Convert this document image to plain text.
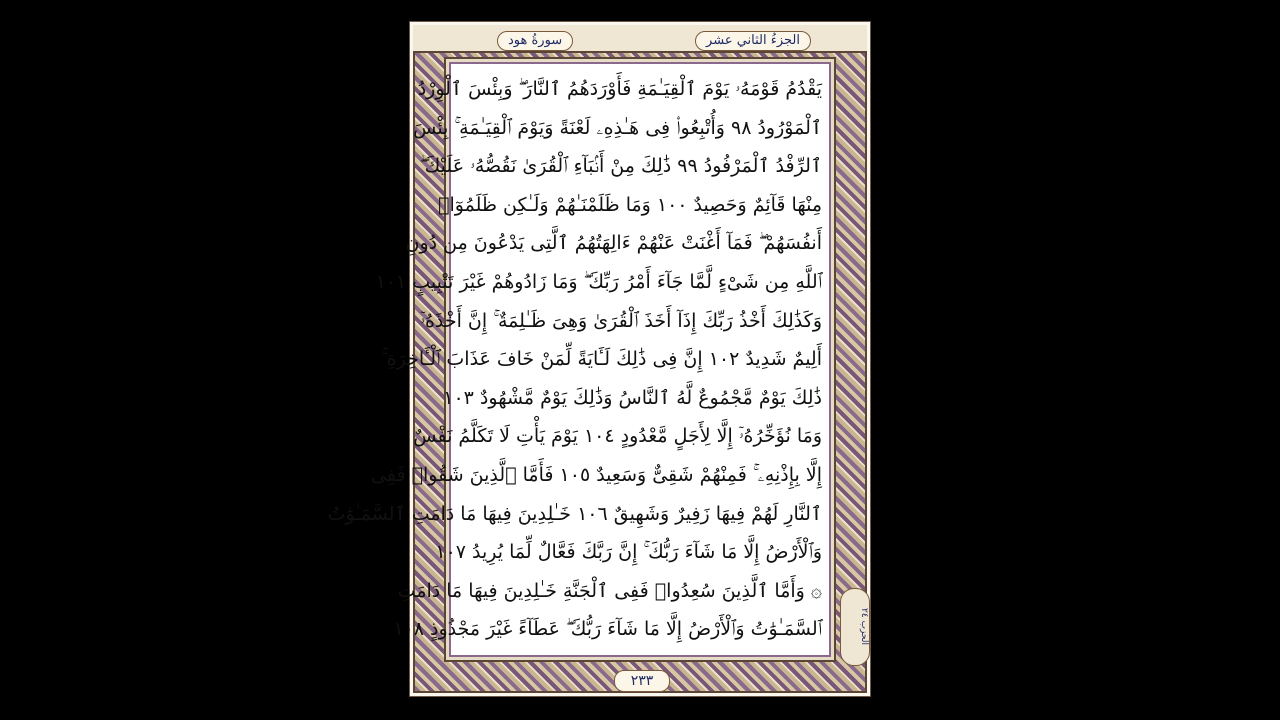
الجزءُ الثاني عشر
سورةُ هود
يَقْدُمُ قَوْمَهُۥ يَوْمَ ٱلْقِيَـٰمَةِ فَأَوْرَدَهُمُ ٱلنَّارَ ۖ وَبِئْسَ ٱلْوِرْدُ
ٱلْمَوْرُودُ ٩٨ وَأُتْبِعُوا۟ فِى هَـٰذِهِۦ لَعْنَةً وَيَوْمَ ٱلْقِيَـٰمَةِ ۚ بِئْسَ
ٱلرِّفْدُ ٱلْمَرْفُودُ ٩٩ ذَٰلِكَ مِنْ أَنۢبَآءِ ٱلْقُرَىٰ نَقُصُّهُۥ عَلَيْكَ ۖ
مِنْهَا قَآئِمٌ وَحَصِيدٌ ١٠٠ وَمَا ظَلَمْنَـٰهُمْ وَلَـٰكِن ظَلَمُوٓا۟
أَنفُسَهُمْ ۖ فَمَآ أَغْنَتْ عَنْهُمْ ءَالِهَتُهُمُ ٱلَّتِى يَدْعُونَ مِن دُونِ
ٱللَّهِ مِن شَىْءٍ لَّمَّا جَآءَ أَمْرُ رَبِّكَ ۖ وَمَا زَادُوهُمْ غَيْرَ تَتْبِيبٍ ١٠١
وَكَذَٰلِكَ أَخْذُ رَبِّكَ إِذَآ أَخَذَ ٱلْقُرَىٰ وَهِىَ ظَـٰلِمَةٌ ۚ إِنَّ أَخْذَهُۥٓ
أَلِيمٌ شَدِيدٌ ١٠٢ إِنَّ فِى ذَٰلِكَ لَـَٔايَةً لِّمَنْ خَافَ عَذَابَ ٱلْـَٔاخِرَةِ ۚ
ذَٰلِكَ يَوْمٌ مَّجْمُوعٌ لَّهُ ٱلنَّاسُ وَذَٰلِكَ يَوْمٌ مَّشْهُودٌ ١٠٣
وَمَا نُؤَخِّرُهُۥٓ إِلَّا لِأَجَلٍ مَّعْدُودٍ ١٠٤ يَوْمَ يَأْتِ لَا تَكَلَّمُ نَفْسٌ
إِلَّا بِإِذْنِهِۦ ۚ فَمِنْهُمْ شَقِىٌّ وَسَعِيدٌ ١٠٥ فَأَمَّا ٱلَّذِينَ شَقُوا۟ فَفِى
ٱلنَّارِ لَهُمْ فِيهَا زَفِيرٌ وَشَهِيقٌ ١٠٦ خَـٰلِدِينَ فِيهَا مَا دَامَتِ ٱلسَّمَـٰوَٰتُ
وَٱلْأَرْضُ إِلَّا مَا شَآءَ رَبُّكَ ۚ إِنَّ رَبَّكَ فَعَّالٌ لِّمَا يُرِيدُ ١٠٧
۞ وَأَمَّا ٱلَّذِينَ سُعِدُوا۟ فَفِى ٱلْجَنَّةِ خَـٰلِدِينَ فِيهَا مَا دَامَتِ
ٱلسَّمَـٰوَٰتُ وَٱلْأَرْضُ إِلَّا مَا شَآءَ رَبُّكَ ۖ عَطَآءً غَيْرَ مَجْذُوذٍ ١٠٨
الحزب ٢٤
٢٣٣
